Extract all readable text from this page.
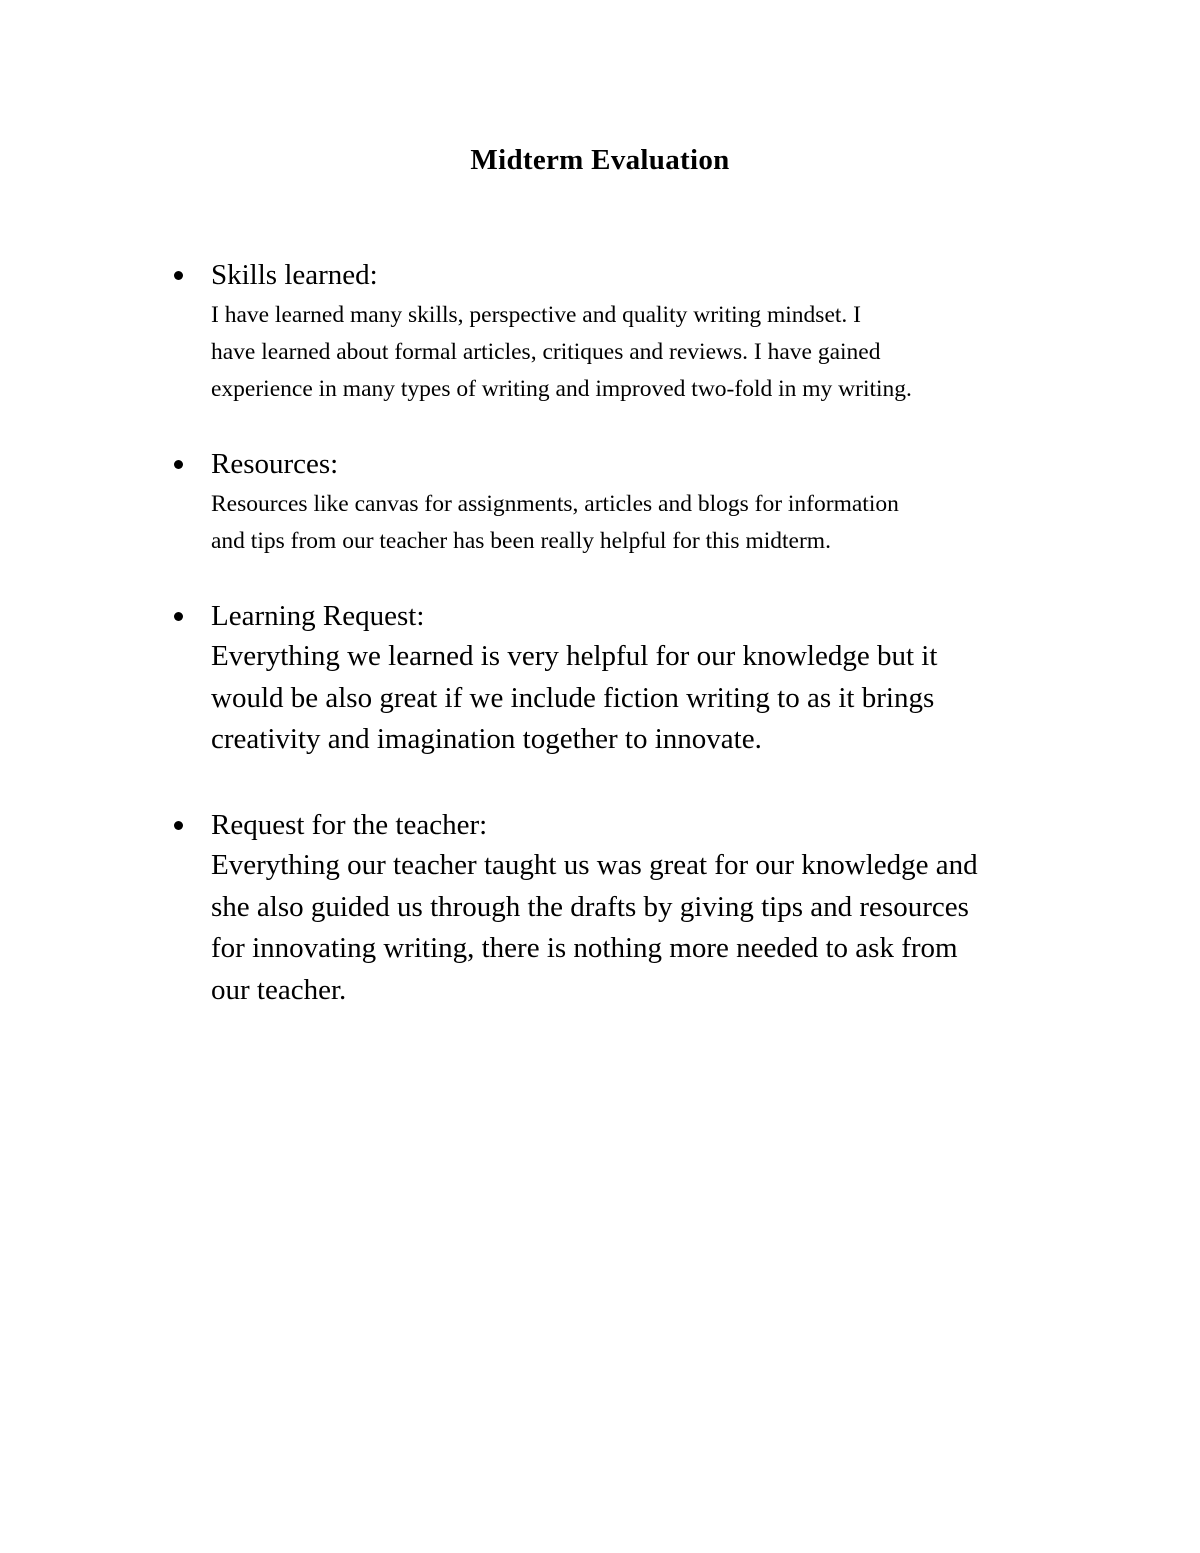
Midterm Evaluation
Skills learned:
I have learned many skills, perspective and quality writing mindset. I
have learned about formal articles, critiques and reviews. I have gained
experience in many types of writing and improved two-fold in my writing.
Resources:
Resources like canvas for assignments, articles and blogs for information
and tips from our teacher has been really helpful for this midterm.
Learning Request:
Everything we learned is very helpful for our knowledge but it
would be also great if we include fiction writing to as it brings
creativity and imagination together to innovate.
Request for the teacher:
Everything our teacher taught us was great for our knowledge and
she also guided us through the drafts by giving tips and resources
for innovating writing, there is nothing more needed to ask from
our teacher.
